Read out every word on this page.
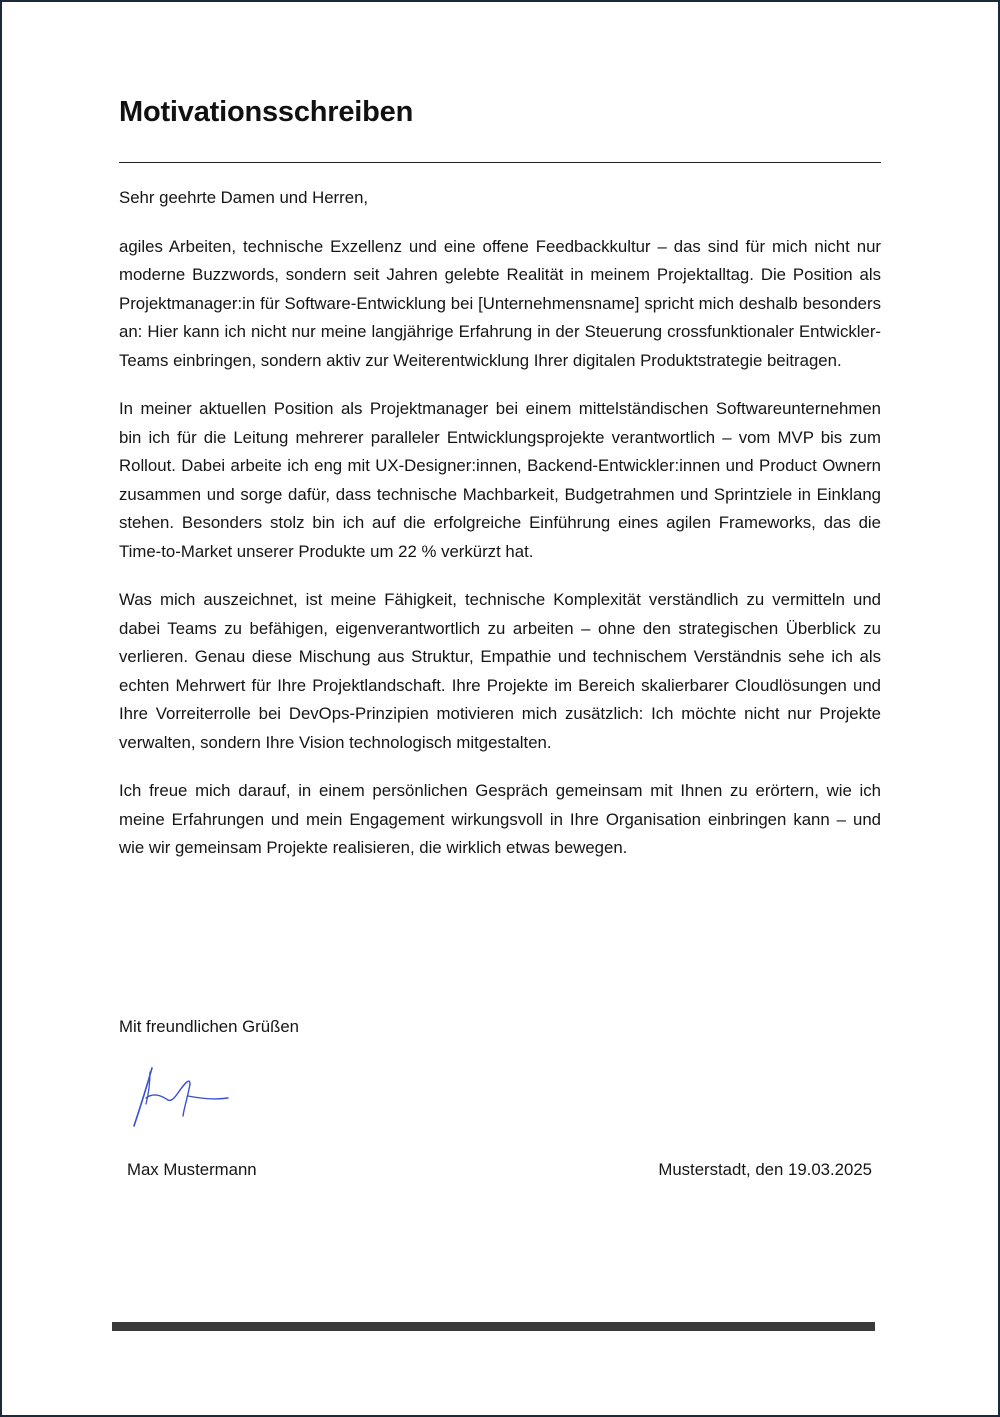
Motivationsschreiben

Sehr geehrte Damen und Herren,

agiles Arbeiten, technische Exzellenz und eine offene Feedbackkultur – das sind für mich nicht nur moderne Buzzwords, sondern seit Jahren gelebte Realität in meinem Projektalltag. Die Position als Projektmanager:in für Software-Entwicklung bei [Unternehmensname] spricht mich deshalb besonders an: Hier kann ich nicht nur meine langjährige Erfahrung in der Steuerung crossfunktionaler Entwickler-Teams einbringen, sondern aktiv zur Weiterentwicklung Ihrer digitalen Produktstrategie beitragen.

In meiner aktuellen Position als Projektmanager bei einem mittelständischen Softwareunternehmen bin ich für die Leitung mehrerer paralleler Entwicklungsprojekte verantwortlich – vom MVP bis zum Rollout. Dabei arbeite ich eng mit UX-Designer:innen, Backend-Entwickler:innen und Product Ownern zusammen und sorge dafür, dass technische Machbarkeit, Budgetrahmen und Sprintziele in Einklang stehen. Besonders stolz bin ich auf die erfolgreiche Einführung eines agilen Frameworks, das die Time-to-Market unserer Produkte um 22 % verkürzt hat.

Was mich auszeichnet, ist meine Fähigkeit, technische Komplexität verständlich zu vermitteln und dabei Teams zu befähigen, eigenverantwortlich zu arbeiten – ohne den strategischen Überblick zu verlieren. Genau diese Mischung aus Struktur, Empathie und technischem Verständnis sehe ich als echten Mehrwert für Ihre Projektlandschaft. Ihre Projekte im Bereich skalierbarer Cloudlösungen und Ihre Vorreiterrolle bei DevOps-Prinzipien motivieren mich zusätzlich: Ich möchte nicht nur Projekte verwalten, sondern Ihre Vision technologisch mitgestalten.

Ich freue mich darauf, in einem persönlichen Gespräch gemeinsam mit Ihnen zu erörtern, wie ich meine Erfahrungen und mein Engagement wirkungsvoll in Ihre Organisation einbringen kann – und wie wir gemeinsam Projekte realisieren, die wirklich etwas bewegen.

Mit freundlichen Grüßen
Max Mustermann	Musterstadt, den 19.03.2025
